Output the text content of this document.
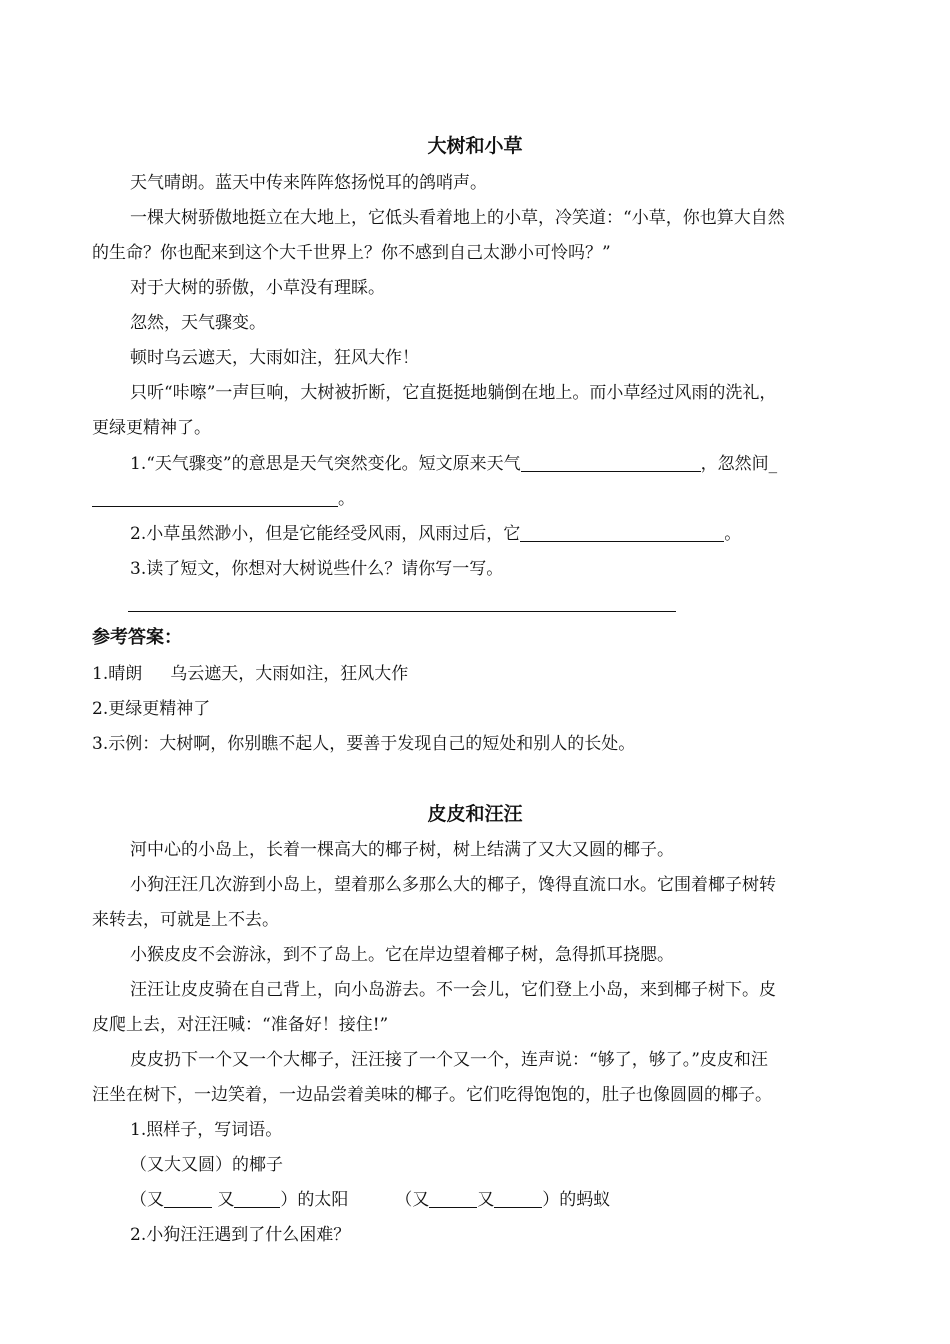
大树和小草
天气晴朗。蓝天中传来阵阵悠扬悦耳的鸽哨声。
一棵大树骄傲地挺立在大地上，它低头看着地上的小草，冷笑道：“小草，你也算大自然
的生命？你也配来到这个大千世界上？你不感到自己太渺小可怜吗？”
对于大树的骄傲，小草没有理睬。
忽然，天气骤变。
顿时乌云遮天，大雨如注，狂风大作！
只听“咔嚓”一声巨响，大树被折断，它直挺挺地躺倒在地上。而小草经过风雨的洗礼，
更绿更精神了。
1.“天气骤变”的意思是天气突然变化。短文原来天气	，忽然间_
。
2.小草虽然渺小，但是它能经受风雨，风雨过后，它	。
3.读了短文，你想对大树说些什么？请你写一写。
参考答案：
1.晴朗 乌云遮天，大雨如注，狂风大作
2.更绿更精神了
3.示例：大树啊，你别瞧不起人，要善于发现自己的短处和别人的长处。
皮皮和汪汪
河中心的小岛上，长着一棵高大的椰子树，树上结满了又大又圆的椰子。
小狗汪汪几次游到小岛上，望着那么多那么大的椰子，馋得直流口水。它围着椰子树转
来转去，可就是上不去。
小猴皮皮不会游泳，到不了岛上。它在岸边望着椰子树，急得抓耳挠腮。
汪汪让皮皮骑在自己背上，向小岛游去。不一会儿，它们登上小岛，来到椰子树下。皮
皮爬上去，对汪汪喊：“准备好！接住!”
皮皮扔下一个又一个大椰子，汪汪接了一个又一个，连声说：“够了，够了。”皮皮和汪
汪坐在树下，一边笑着，一边品尝着美味的椰子。它们吃得饱饱的，肚子也像圆圆的椰子。
1.照样子，写词语。
（又大又圆）的椰子
（又	又	）的太阳	（又	又	）的蚂蚁
2.小狗汪汪遇到了什么困难？
